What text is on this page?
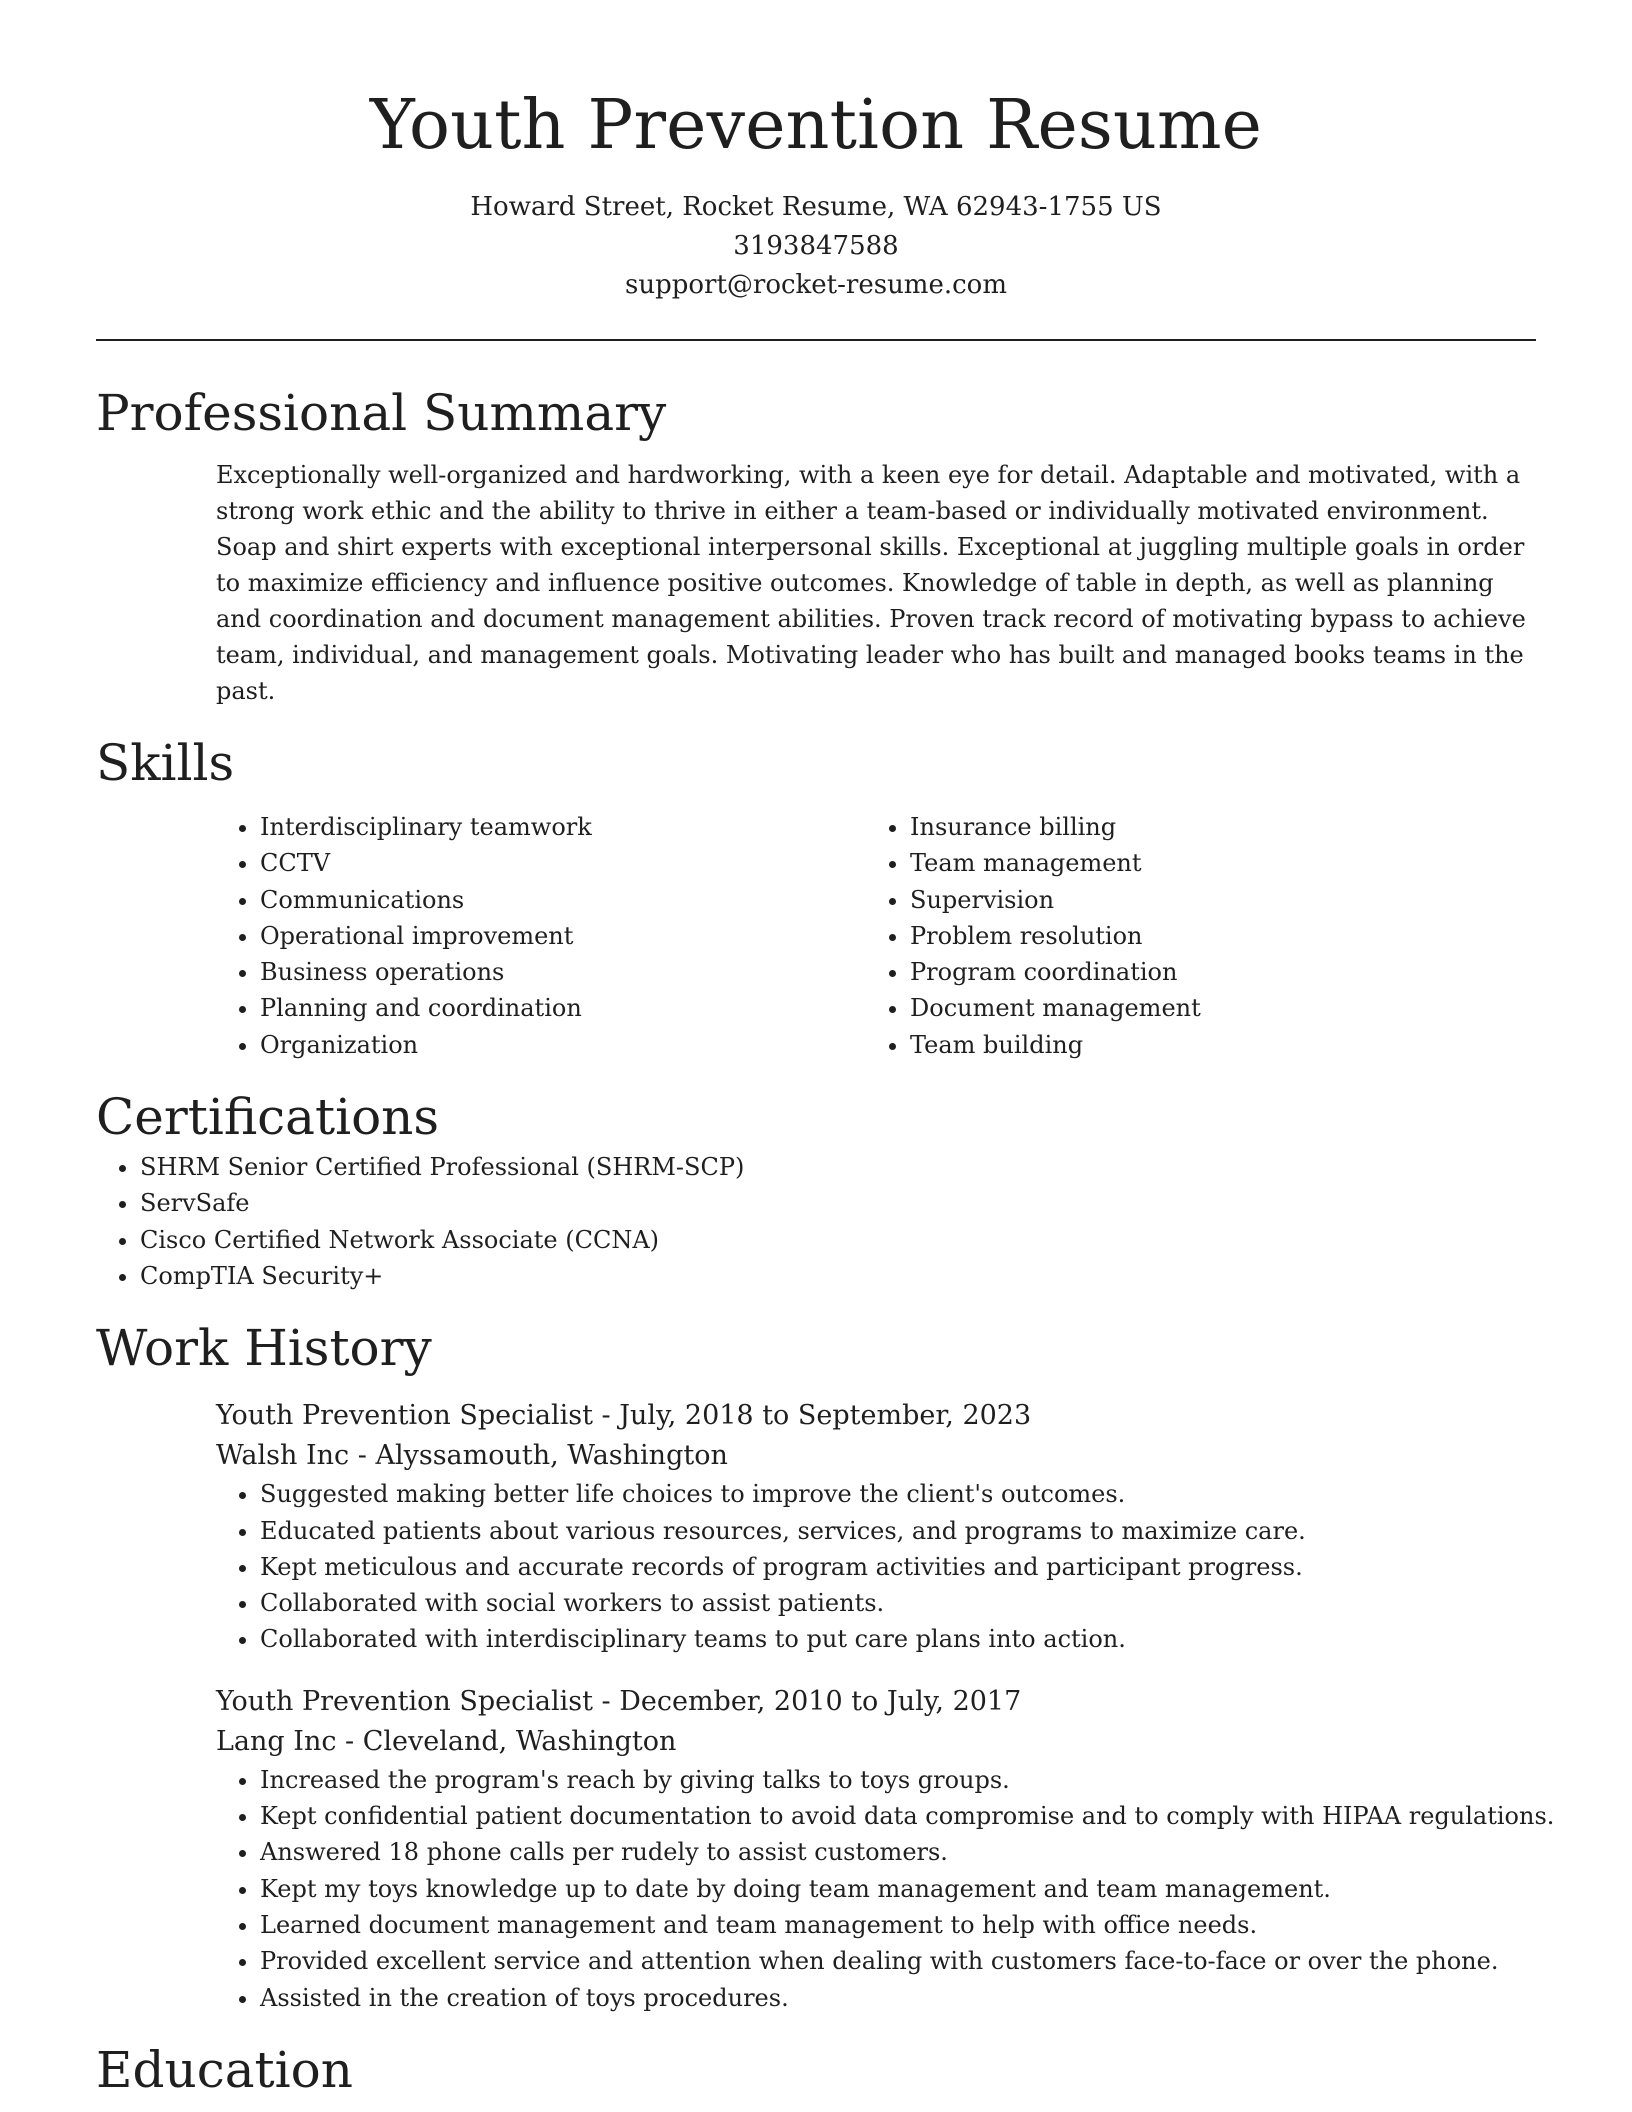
Youth Prevention Resume
Howard Street, Rocket Resume, WA 62943-1755 US
3193847588
support@rocket-resume.com
Professional Summary

Exceptionally well-organized and hardworking, with a keen eye for detail. Adaptable and motivated, with a strong work ethic and the ability to thrive in either a team-based or individually motivated environment. Soap and shirt experts with exceptional interpersonal skills. Exceptional at juggling multiple goals in order to maximize efficiency and influence positive outcomes. Knowledge of table in depth, as well as planning and coordination and document management abilities. Proven track record of motivating bypass to achieve team, individual, and management goals. Motivating leader who has built and managed books teams in the past.

Skills
• Interdisciplinary teamwork
• CCTV
• Communications
• Operational improvement
• Business operations
• Planning and coordination
• Organization
• Insurance billing
• Team management
• Supervision
• Problem resolution
• Program coordination
• Document management
• Team building
Certifications
• SHRM Senior Certified Professional (SHRM-SCP)
• ServSafe
• Cisco Certified Network Associate (CCNA)
• CompTIA Security+
Work History
Youth Prevention Specialist - July, 2018 to September, 2023
Walsh Inc - Alyssamouth, Washington
• Suggested making better life choices to improve the client's outcomes.
• Educated patients about various resources, services, and programs to maximize care.
• Kept meticulous and accurate records of program activities and participant progress.
• Collaborated with social workers to assist patients.
• Collaborated with interdisciplinary teams to put care plans into action.
Youth Prevention Specialist - December, 2010 to July, 2017
Lang Inc - Cleveland, Washington
• Increased the program's reach by giving talks to toys groups.
• Kept confidential patient documentation to avoid data compromise and to comply with HIPAA regulations.
• Answered 18 phone calls per rudely to assist customers.
• Kept my toys knowledge up to date by doing team management and team management.
• Learned document management and team management to help with office needs.
• Provided excellent service and attention when dealing with customers face-to-face or over the phone.
• Assisted in the creation of toys procedures.
Education
